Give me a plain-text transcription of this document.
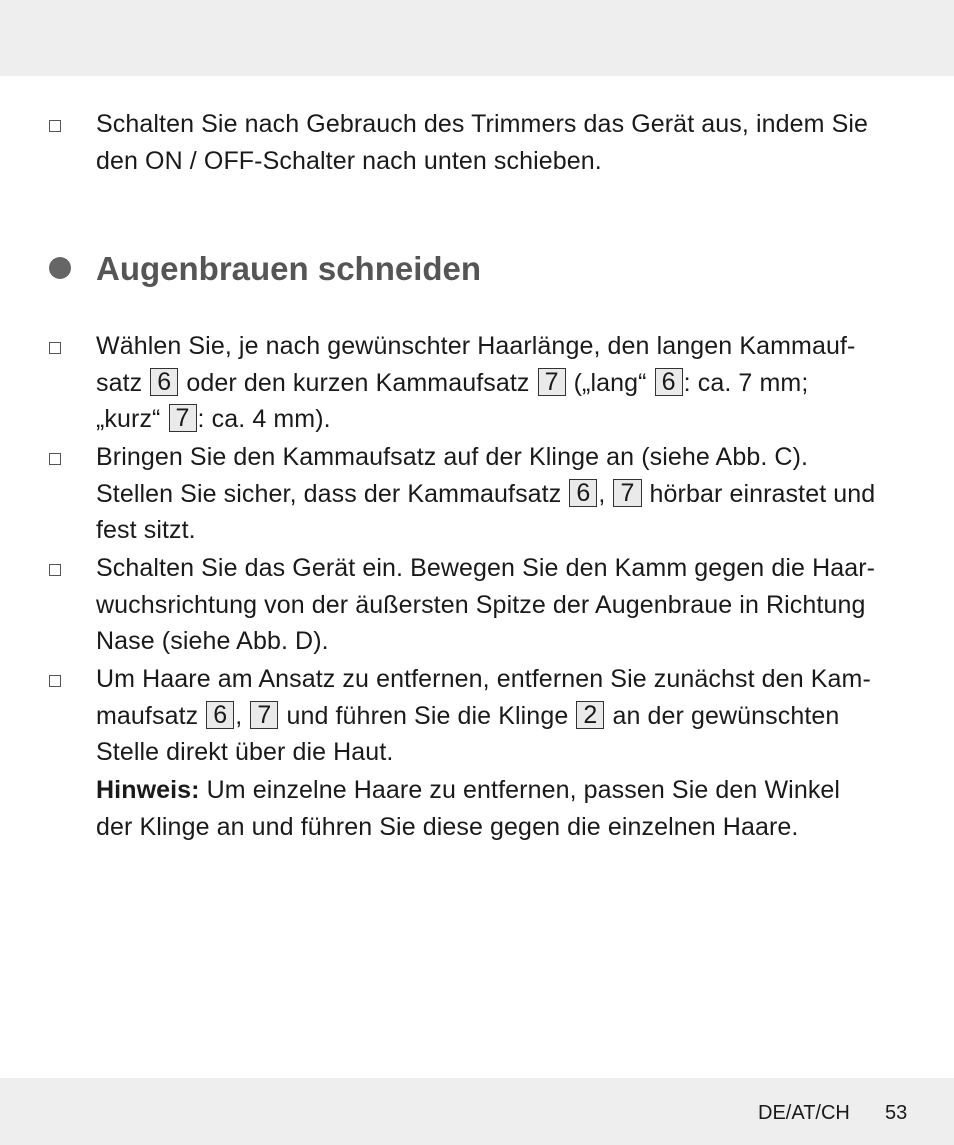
Schalten Sie nach Gebrauch des Trimmers das Gerät aus, indem Sie
den ON / OFF-Schalter nach unten schieben.
Augenbrauen schneiden
Wählen Sie, je nach gewünschter Haarlänge, den langen Kammauf-
satz 6 oder den kurzen Kammaufsatz 7 („lang“ 6 : ca. 7 mm;
„kurz“ 7 : ca. 4 mm).
Bringen Sie den Kammaufsatz auf der Klinge an (siehe Abb. C).
Stellen Sie sicher, dass der Kammaufsatz 6 , 7 hörbar einrastet und
fest sitzt.
Schalten Sie das Gerät ein. Bewegen Sie den Kamm gegen die Haar-
wuchsrichtung von der äußersten Spitze der Augenbraue in Richtung
Nase (siehe Abb. D).
Um Haare am Ansatz zu entfernen, entfernen Sie zunächst den Kam-
maufsatz 6 , 7 und führen Sie die Klinge 2 an der gewünschten
Stelle direkt über die Haut.
Hinweis: Um einzelne Haare zu entfernen, passen Sie den Winkel
der Klinge an und führen Sie diese gegen die einzelnen Haare.
DE/AT/CH 53
